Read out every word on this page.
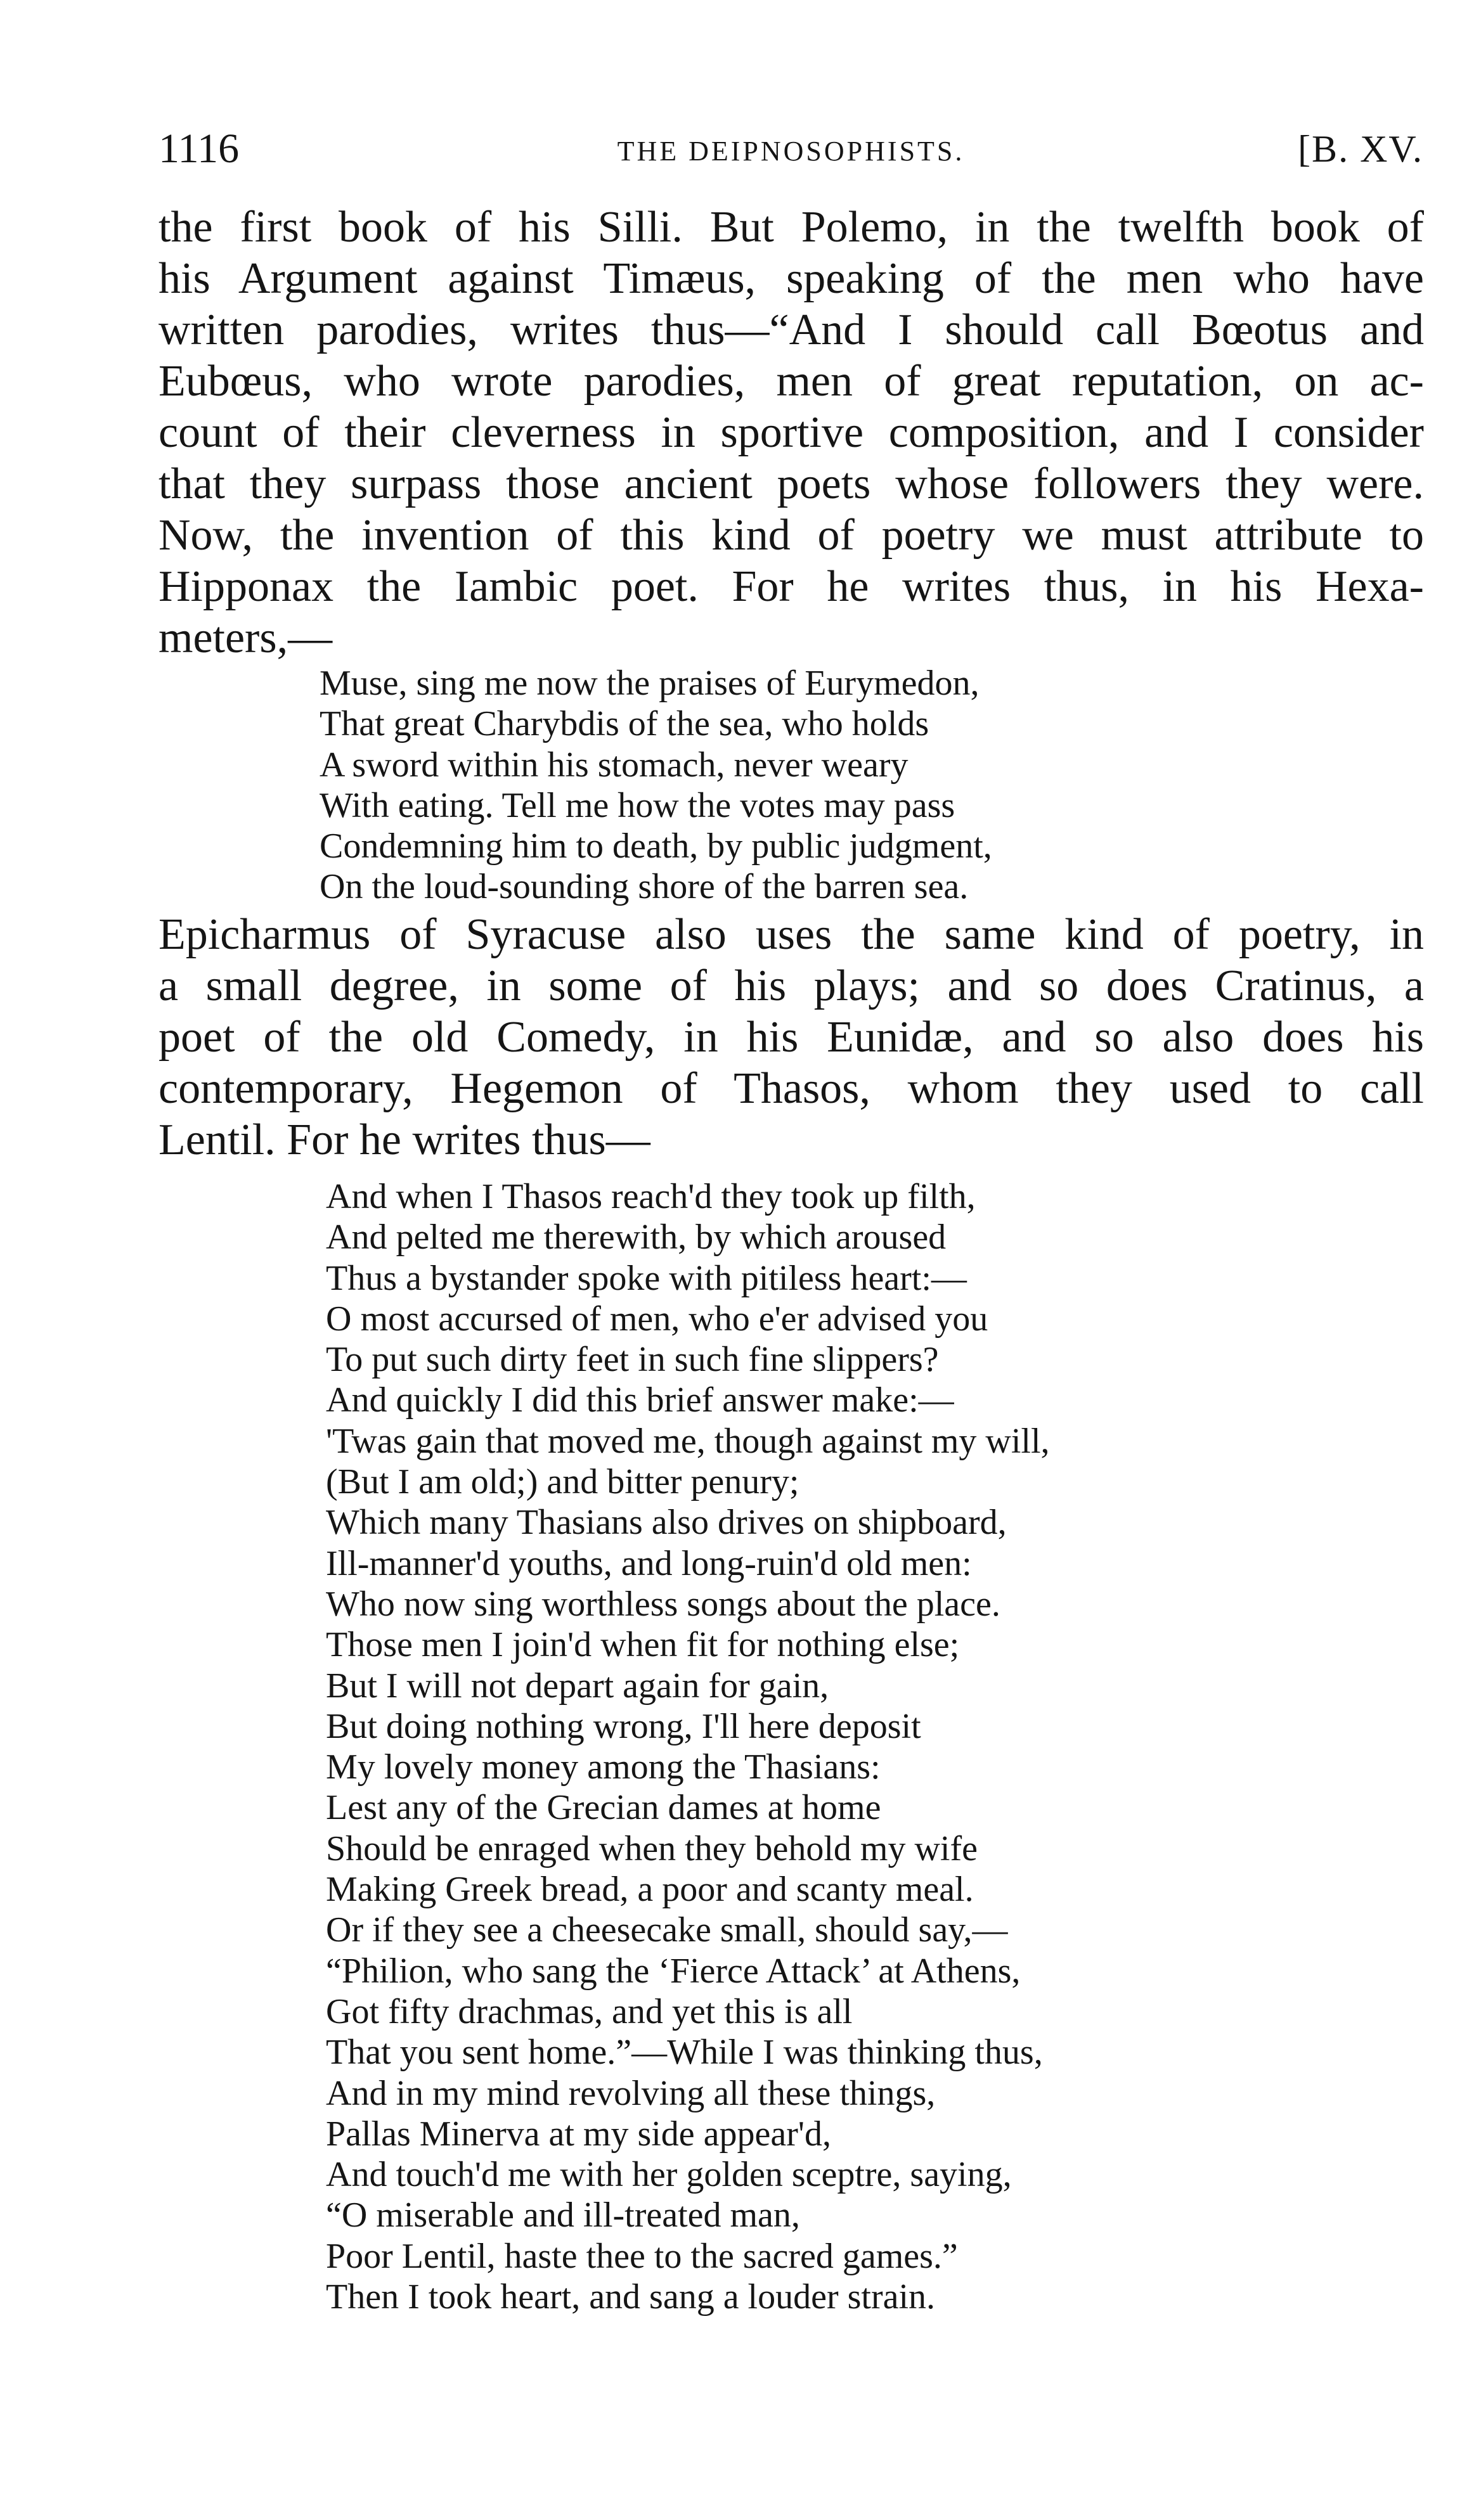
1116	THE DEIPNOSOPHISTS.	[B. XV.
the first book of his Silli. But Polemo, in the twelfth book of
his Argument against Timæus, speaking of the men who have
written parodies, writes thus—“And I should call Bœotus and
Eubœus, who wrote parodies, men of great reputation, on ac-
count of their cleverness in sportive composition, and I consider
that they surpass those ancient poets whose followers they were.
Now, the invention of this kind of poetry we must attribute to
Hipponax the Iambic poet. For he writes thus, in his Hexa-
meters,—
Muse, sing me now the praises of Eurymedon,
That great Charybdis of the sea, who holds
A sword within his stomach, never weary
With eating. Tell me how the votes may pass
Condemning him to death, by public judgment,
On the loud-sounding shore of the barren sea.
Epicharmus of Syracuse also uses the same kind of poetry, in
a small degree, in some of his plays; and so does Cratinus, a
poet of the old Comedy, in his Eunidæ, and so also does his
contemporary, Hegemon of Thasos, whom they used to call
Lentil. For he writes thus—
And when I Thasos reach'd they took up filth,
And pelted me therewith, by which aroused
Thus a bystander spoke with pitiless heart:—
O most accursed of men, who e'er advised you
To put such dirty feet in such fine slippers?
And quickly I did this brief answer make:—
'Twas gain that moved me, though against my will,
(But I am old;) and bitter penury;
Which many Thasians also drives on shipboard,
Ill-manner'd youths, and long-ruin'd old men:
Who now sing worthless songs about the place.
Those men I join'd when fit for nothing else;
But I will not depart again for gain,
But doing nothing wrong, I'll here deposit
My lovely money among the Thasians:
Lest any of the Grecian dames at home
Should be enraged when they behold my wife
Making Greek bread, a poor and scanty meal.
Or if they see a cheesecake small, should say,—
“Philion, who sang the ‘Fierce Attack’ at Athens,
Got fifty drachmas, and yet this is all
That you sent home.”—While I was thinking thus,
And in my mind revolving all these things,
Pallas Minerva at my side appear'd,
And touch'd me with her golden sceptre, saying,
“O miserable and ill-treated man,
Poor Lentil, haste thee to the sacred games.”
Then I took heart, and sang a louder strain.
